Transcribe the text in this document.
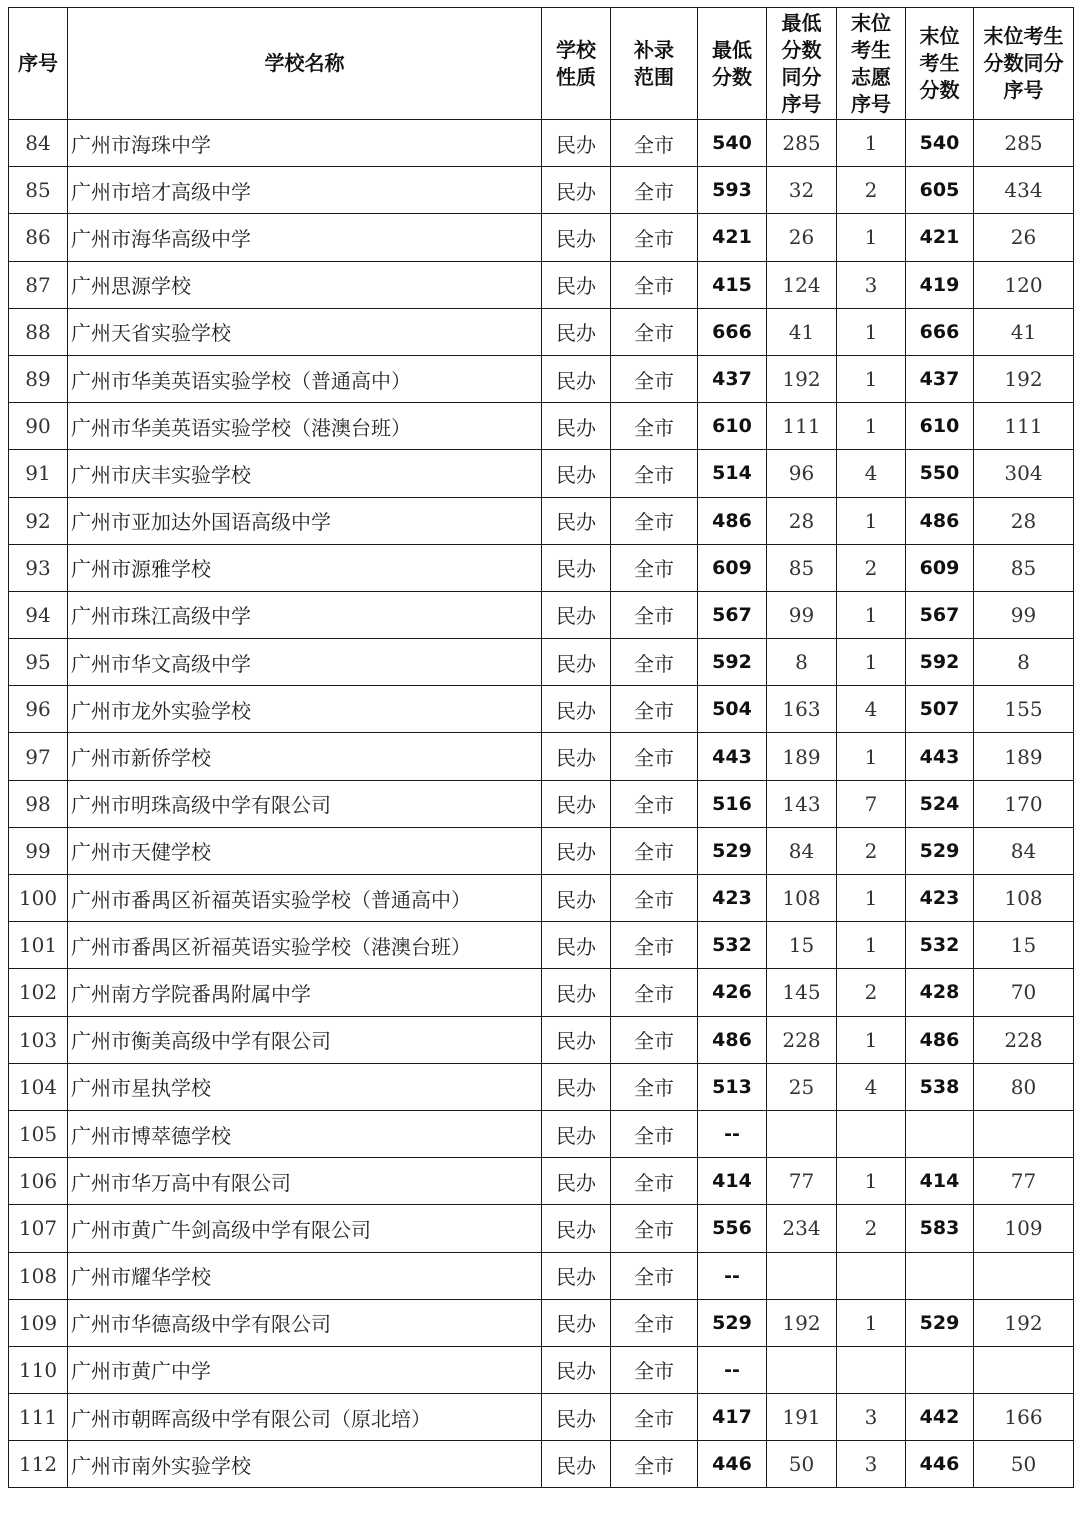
序号	学校名称	学校性质	补录范围	最低分数	最低分数同分序号	末位考生志愿序号	末位考生分数	末位考生分数同分序号
84	广州市海珠中学	民办	全市	540	285	1	540	285
85	广州市培才高级中学	民办	全市	593	32	2	605	434
86	广州市海华高级中学	民办	全市	421	26	1	421	26
87	广州思源学校	民办	全市	415	124	3	419	120
88	广州天省实验学校	民办	全市	666	41	1	666	41
89	广州市华美英语实验学校（普通高中）	民办	全市	437	192	1	437	192
90	广州市华美英语实验学校（港澳台班）	民办	全市	610	111	1	610	111
91	广州市庆丰实验学校	民办	全市	514	96	4	550	304
92	广州市亚加达外国语高级中学	民办	全市	486	28	1	486	28
93	广州市源雅学校	民办	全市	609	85	2	609	85
94	广州市珠江高级中学	民办	全市	567	99	1	567	99
95	广州市华文高级中学	民办	全市	592	8	1	592	8
96	广州市龙外实验学校	民办	全市	504	163	4	507	155
97	广州市新侨学校	民办	全市	443	189	1	443	189
98	广州市明珠高级中学有限公司	民办	全市	516	143	7	524	170
99	广州市天健学校	民办	全市	529	84	2	529	84
100	广州市番禺区祈福英语实验学校（普通高中）	民办	全市	423	108	1	423	108
101	广州市番禺区祈福英语实验学校（港澳台班）	民办	全市	532	15	1	532	15
102	广州南方学院番禺附属中学	民办	全市	426	145	2	428	70
103	广州市衡美高级中学有限公司	民办	全市	486	228	1	486	228
104	广州市星执学校	民办	全市	513	25	4	538	80
105	广州市博萃德学校	民办	全市	--				
106	广州市华万高中有限公司	民办	全市	414	77	1	414	77
107	广州市黄广牛剑高级中学有限公司	民办	全市	556	234	2	583	109
108	广州市耀华学校	民办	全市	--				
109	广州市华德高级中学有限公司	民办	全市	529	192	1	529	192
110	广州市黄广中学	民办	全市	--				
111	广州市朝晖高级中学有限公司（原北培）	民办	全市	417	191	3	442	166
112	广州市南外实验学校	民办	全市	446	50	3	446	50
